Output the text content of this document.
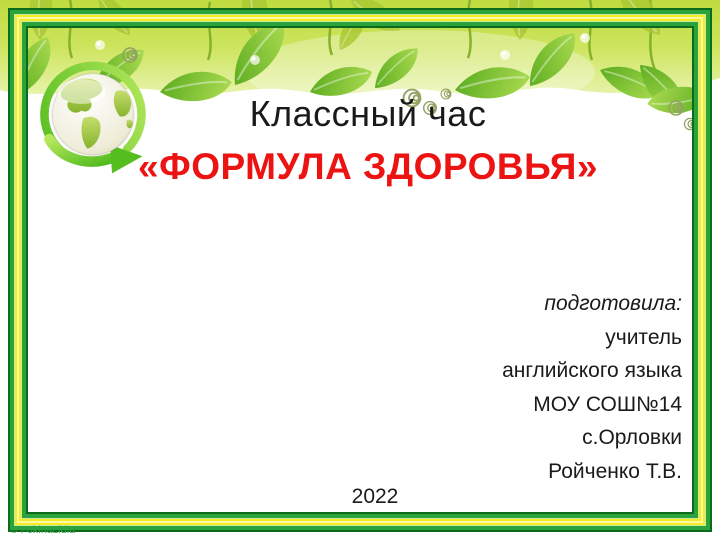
Классный час
«ФОРМУЛА ЗДОРОВЬЯ»
подготовила:
учитель
английского языка
МОУ СОШ№14
с.Орловки
Ройченко Т.В.
2022
© FokinaLidia
